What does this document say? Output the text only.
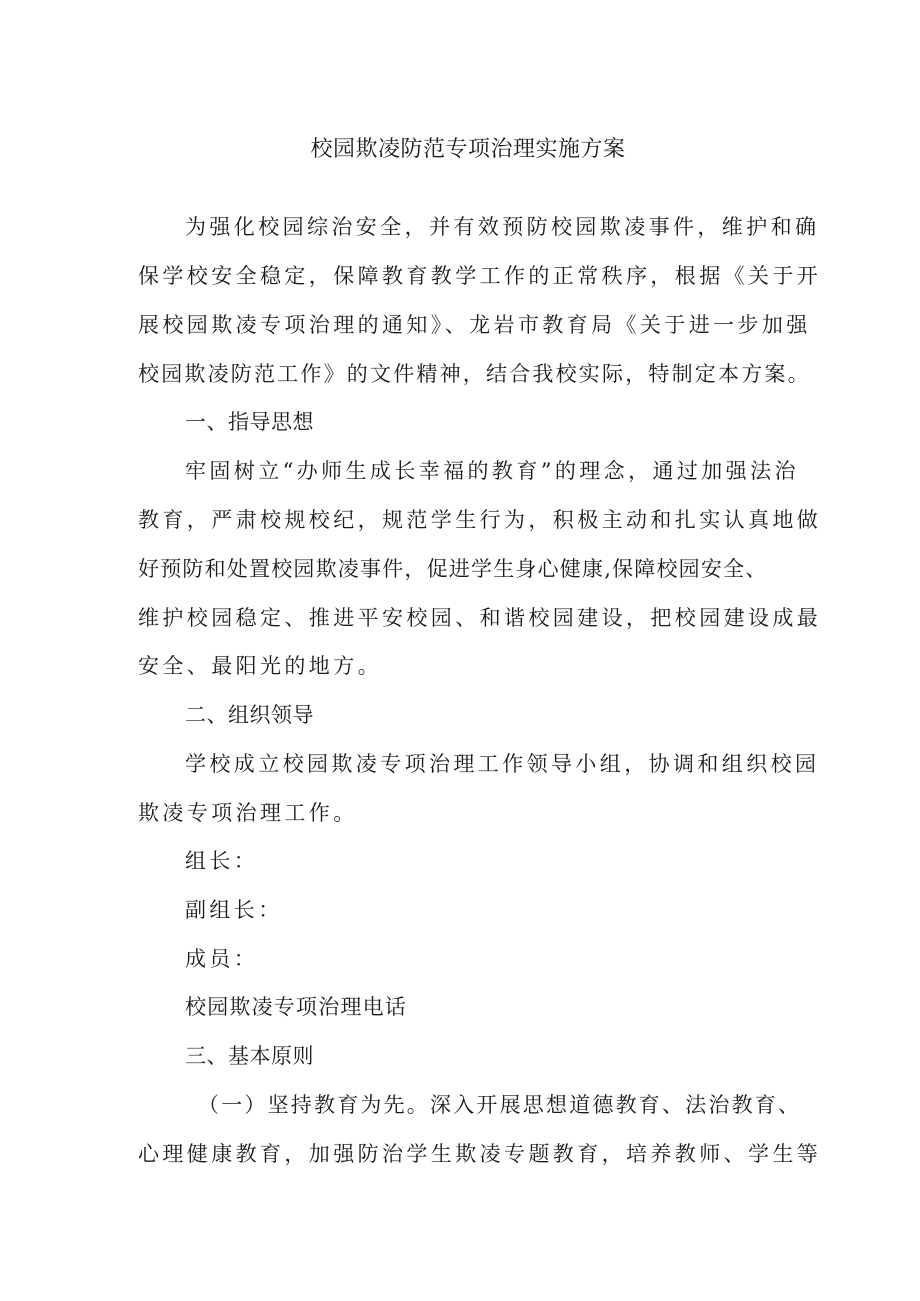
校园欺凌防范专项治理实施方案
为强化校园综治安全，并有效预防校园欺凌事件，维护和确
保学校安全稳定，保障教育教学工作的正常秩序，根据《关于开
展校园欺凌专项治理的通知》、龙岩市教育局《关于进一步加强
校园欺凌防范工作》的文件精神，结合我校实际，特制定本方案。
一、指导思想
牢固树立“办师生成长幸福的教育”的理念，通过加强法治
教育，严肃校规校纪，规范学生行为，积极主动和扎实认真地做
好预防和处置校园欺凌事件，促进学生身心健康,保障校园安全、
维护校园稳定、推进平安校园、和谐校园建设，把校园建设成最
安全、最阳光的地方。
二、组织领导
学校成立校园欺凌专项治理工作领导小组，协调和组织校园
欺凌专项治理工作。
组长：
副组长：
成员：
校园欺凌专项治理电话
三、基本原则
（一）坚持教育为先。深入开展思想道德教育、法治教育、
心理健康教育，加强防治学生欺凌专题教育，培养教师、学生等
